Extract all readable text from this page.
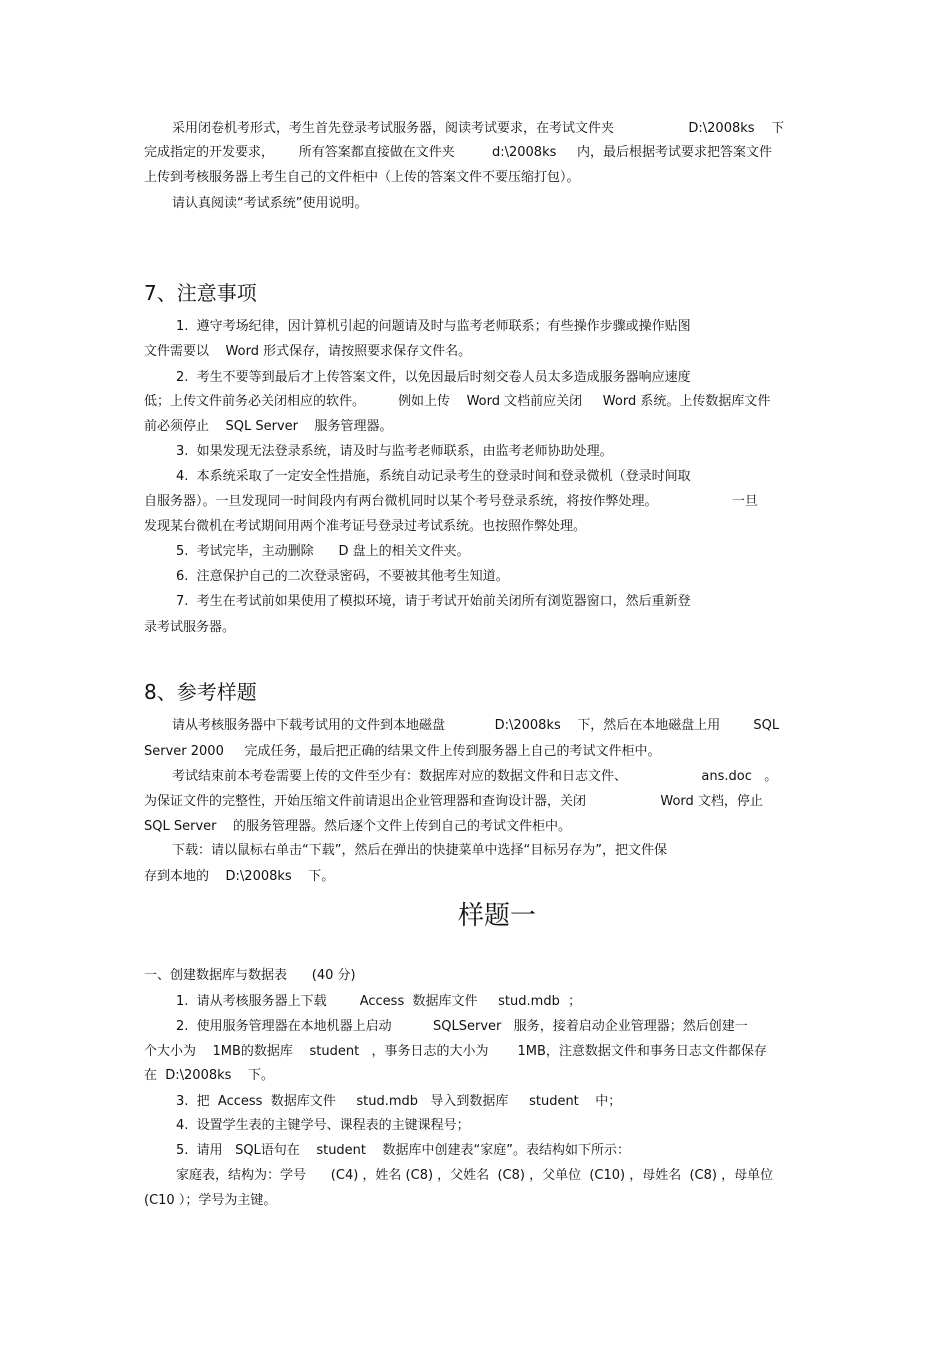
采用闭卷机考形式，考生首先登录考试服务器，阅读考试要求，在考试文件夹                  D:\2008ks    下
完成指定的开发要求，      所有答案都直接做在文件夹         d:\2008ks     内，最后根据考试要求把答案文件
上传到考核服务器上考生自己的文件柜中（上传的答案文件不要压缩打包）。
请认真阅读“考试系统”使用说明。
7、注意事项
1.  遵守考场纪律，因计算机引起的问题请及时与监考老师联系；有些操作步骤或操作贴图
文件需要以    Word 形式保存，请按照要求保存文件名。
2.  考生不要等到最后才上传答案文件，以免因最后时刻交卷人员太多造成服务器响应速度
低；上传文件前务必关闭相应的软件。        例如上传    Word 文档前应关闭     Word 系统。上传数据库文件
前必须停止    SQL Server    服务管理器。
3.  如果发现无法登录系统，请及时与监考老师联系，由监考老师协助处理。
4.  本系统采取了一定安全性措施，系统自动记录考生的登录时间和登录微机（登录时间取
自服务器）。一旦发现同一时间段内有两台微机同时以某个考号登录系统，将按作弊处理。                  一旦
发现某台微机在考试期间用两个准考证号登录过考试系统。也按照作弊处理。
5.  考试完毕，主动删除      D 盘上的相关文件夹。
6.  注意保护自己的二次登录密码，不要被其他考生知道。
7.  考生在考试前如果使用了模拟环境，请于考试开始前关闭所有浏览器窗口，然后重新登
录考试服务器。
8、参考样题
请从考核服务器中下载考试用的文件到本地磁盘            D:\2008ks    下，然后在本地磁盘上用        SQL
Server 2000     完成任务，最后把正确的结果文件上传到服务器上自己的考试文件柜中。
考试结束前本考卷需要上传的文件至少有：数据库对应的数据文件和日志文件、                  ans.doc   。
为保证文件的完整性，开始压缩文件前请退出企业管理器和查询设计器，关闭                  Word 文档，停止
SQL Server    的服务管理器。然后逐个文件上传到自己的考试文件柜中。
下载：请以鼠标右单击“下载”，然后在弹出的快捷菜单中选择“目标另存为”，把文件保
存到本地的    D:\2008ks    下。
样题一
一、创建数据库与数据表      (40 分)
1.  请从考核服务器上下载        Access  数据库文件     stud.mdb  ；
2.  使用服务管理器在本地机器上启动          SQLServer   服务，接着启动企业管理器；然后创建一
个大小为    1MB的数据库    student   ，事务日志的大小为       1MB，注意数据文件和事务日志文件都保存
在  D:\2008ks    下。
3.  把  Access  数据库文件     stud.mdb   导入到数据库     student    中；
4.  设置学生表的主键学号、课程表的主键课程号；
5.  请用   SQL语句在    student    数据库中创建表“家庭”。表结构如下所示：
家庭表，结构为：学号      (C4) ，姓名 (C8) ，父姓名  (C8) ，父单位  (C10) ，母姓名  (C8) ，母单位
(C10 ）；学号为主键。
